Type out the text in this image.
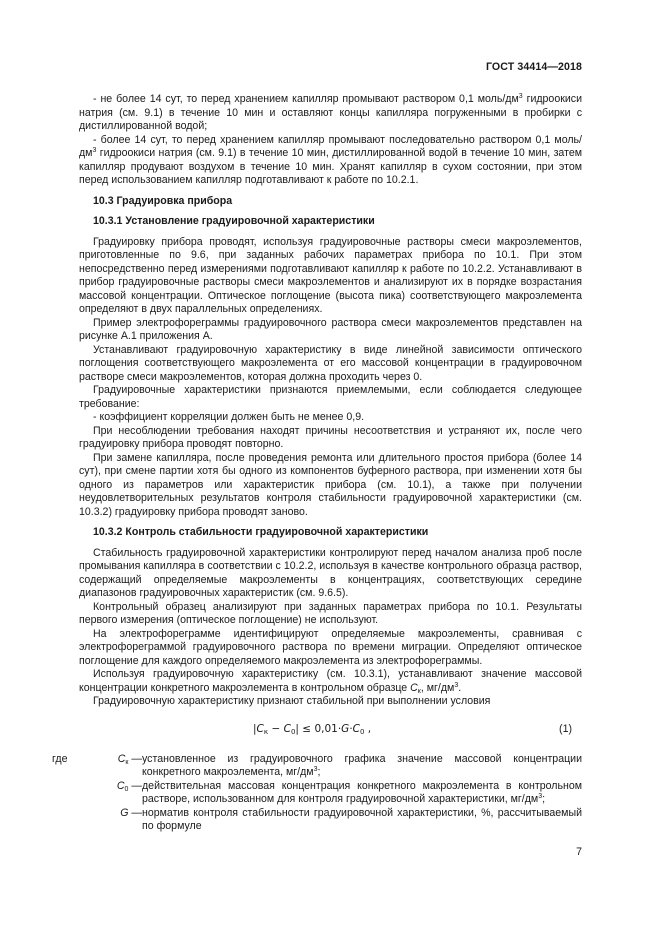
ГОСТ 34414—2018

- не более 14 сут, то перед хранением капилляр промывают раствором 0,1 моль/$дм^3$ гидроокиси натрия (см. 9.1) в течение 10 мин и оставляют концы капилляра погруженными в пробирки с дистиллированной водой;

- более 14 сут, то перед хранением капилляр промывают последовательно раствором 0,1 моль/$дм^3$ гидроокиси натрия (см. 9.1) в течение 10 мин, дистиллированной водой в течение 10 мин, затем капилляр продувают воздухом в течение 10 мин. Хранят капилляр в сухом состоянии, при этом перед использованием капилляр подготавливают к работе по 10.2.1.

10.3 Градуировка прибора

10.3.1 Установление градуировочной характеристики

Градуировку прибора проводят, используя градуировочные растворы смеси макроэлементов, приготовленные по 9.6, при заданных рабочих параметрах прибора по 10.1. При этом непосредственно перед измерениями подготавливают капилляр к работе по 10.2.2. Устанавливают в прибор градуировочные растворы смеси макроэлементов и анализируют их в порядке возрастания массовой концентрации. Оптическое поглощение (высота пика) соответствующего макроэлемента определяют в двух параллельных определениях.

Пример электрофореграммы градуировочного раствора смеси макроэлементов представлен на рисунке А.1 приложения А.

Устанавливают градуировочную характеристику в виде линейной зависимости оптического поглощения соответствующего макроэлемента от его массовой концентрации в градуировочном растворе смеси макроэлементов, которая должна проходить через 0.

Градуировочные характеристики признаются приемлемыми, если соблюдается следующее требование:

- коэффициент корреляции должен быть не менее 0,9.

При несоблюдении требования находят причины несоответствия и устраняют их, после чего градуировку прибора проводят повторно.

При замене капилляра, после проведения ремонта или длительного простоя прибора (более 14 сут), при смене партии хотя бы одного из компонентов буферного раствора, при изменении хотя бы одного из параметров или характеристик прибора (см. 10.1), а также при получении неудовлетворительных результатов контроля стабильности градуировочной характеристики (см. 10.3.2) градуировку прибора проводят заново.

10.3.2 Контроль стабильности градуировочной характеристики

Стабильность градуировочной характеристики контролируют перед началом анализа проб после промывания капилляра в соответствии с 10.2.2, используя в качестве контрольного образца раствор, содержащий определяемые макроэлементы в концентрациях, соответствующих середине диапазонов градуировочных характеристик (см. 9.6.5).

Контрольный образец анализируют при заданных параметрах прибора по 10.1. Результаты первого измерения (оптическое поглощение) не используют.

На электрофореграмме идентифицируют определяемые макроэлементы, сравнивая с электрофореграммой градуировочного раствора по времени миграции. Определяют оптическое поглощение для каждого определяемого макроэлемента из электрофореграммы.

Используя градуировочную характеристику (см. 10.3.1), устанавливают значение массовой концентрации конкретного макроэлемента в контрольном образце $C_к$, $мг/дм^3$.

Градуировочную характеристику признают стабильной при выполнении условия

$|C_к - C_0| \le 0,01\cdot G\cdot C_0$ ,	(1)
где	$C_к$ — установленное из градуировочного графика значение массовой концентрации конкретного макроэлемента, $мг/дм^3$;
$C_0$ — действительная массовая концентрация конкретного макроэлемента в контрольном растворе, использованном для контроля градуировочной характеристики, $мг/дм^3$;
G — норматив контроля стабильности градуировочной характеристики, %, рассчитываемый по формуле
7
